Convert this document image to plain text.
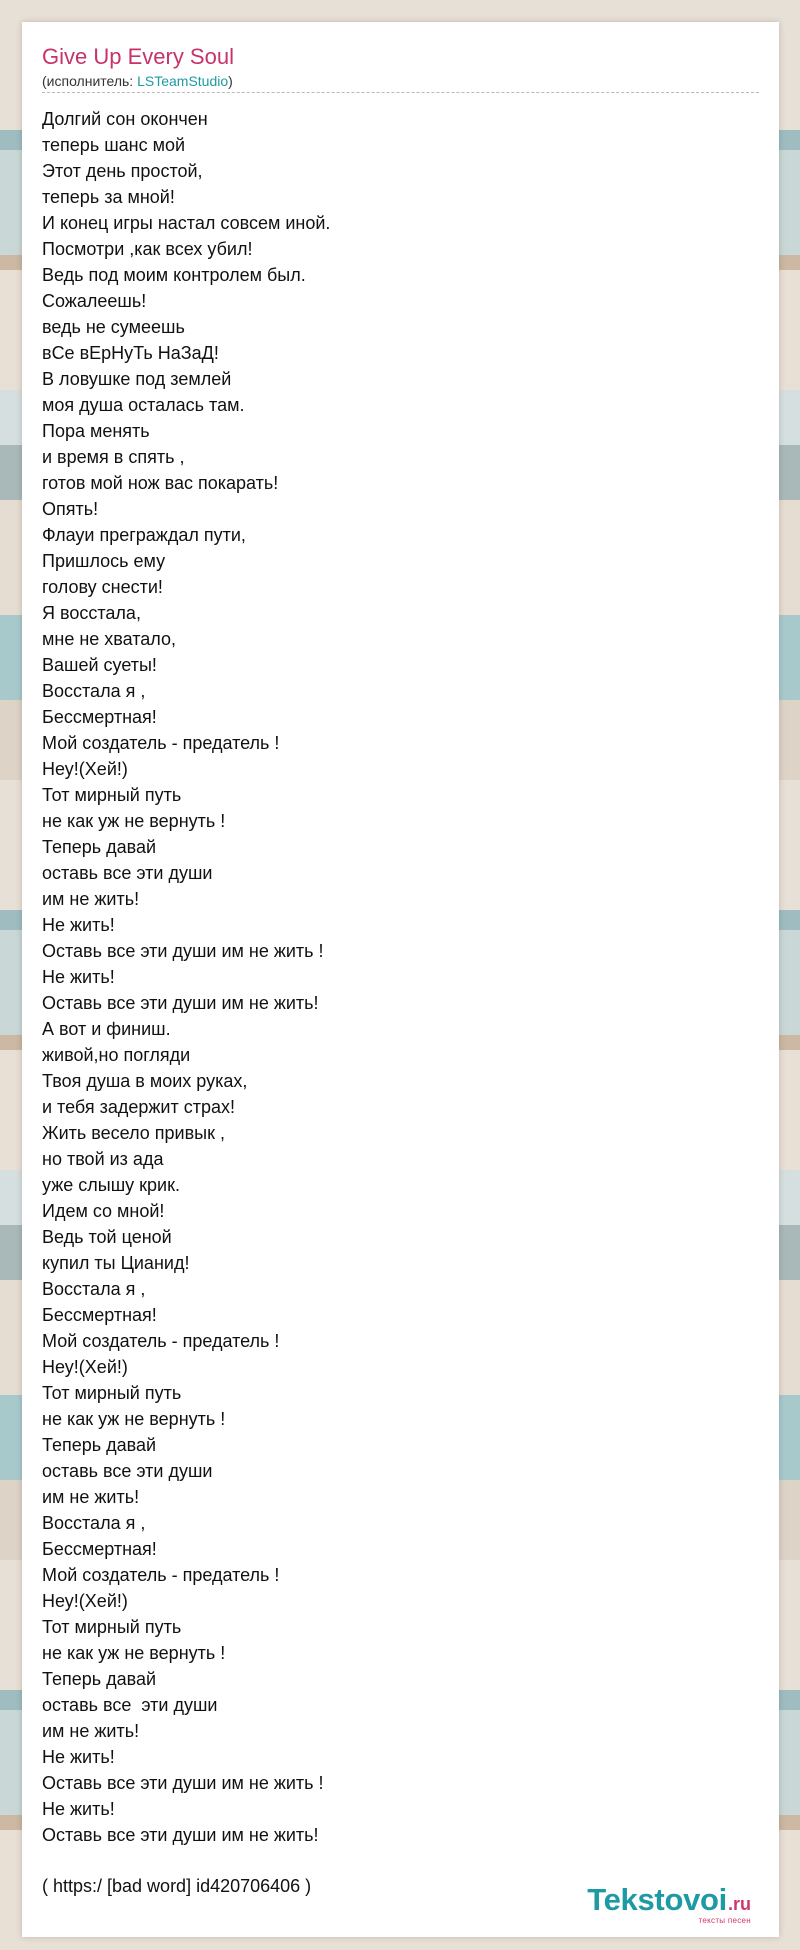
Give Up Every Soul
(исполнитель: LSTeamStudio)
Долгий сон окончен
теперь шанс мой
Этот день простой,
теперь за мной!
И конец игры настал совсем иной.
Посмотри ,как всех убил!
Ведь под моим контролем был.
Сожалеешь!
ведь не сумеешь
вСе вЕрНуТь НаЗаД!
В ловушке под землей
моя душа осталась там.
Пора менять
и время в спять ,
готов мой нож вас покарать!
Опять!
Флауи преграждал пути,
Пришлось ему
голову снести!
Я восстала,
мне не хватало,
Вашей суеты!
Восстала я ,
Бессмертная!
Мой создатель - предатель !
Неу!(Хей!)
Тот мирный путь
не как уж не вернуть !
Теперь давай
оставь все эти души
им не жить!
Не жить!
Оставь все эти души им не жить !
Не жить!
Оставь все эти души им не жить!
А вот и финиш.
живой,но погляди
Твоя душа в моих руках,
и тебя задержит страх!
Жить весело привык ,
но твой из ада
уже слышу крик.
Идем со мной!
Ведь той ценой
купил ты Цианид!
Восстала я ,
Бессмертная!
Мой создатель - предатель !
Неу!(Хей!)
Тот мирный путь
не как уж не вернуть !
Теперь давай
оставь все эти души
им не жить!
Восстала я ,
Бессмертная!
Мой создатель - предатель !
Неу!(Хей!)
Тот мирный путь
не как уж не вернуть !
Теперь давай
оставь все  эти души
им не жить!
Не жить!
Оставь все эти души им не жить !
Не жить!
Оставь все эти души им не жить!
( https:/ [bad word] id420706406 )	Tekstovoi.ru
тексты песен
